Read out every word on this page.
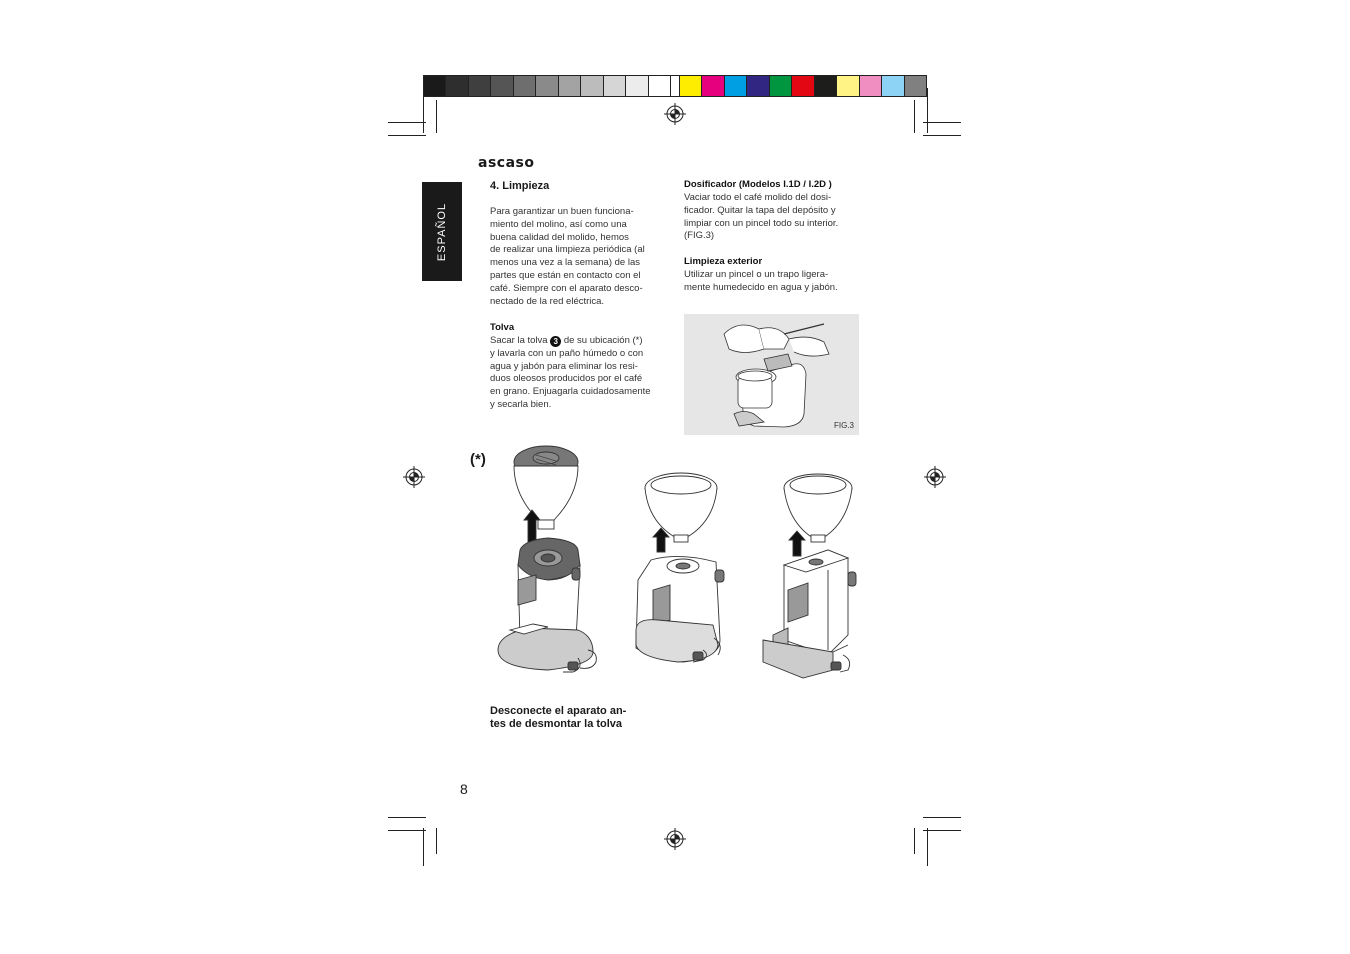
ascaso
ESPAÑOL
4. Limpieza
Para garantizar un buen funciona-
miento del molino, así como una
buena calidad del molido, hemos
de realizar una limpieza periódica (al
menos una vez a la semana) de las
partes que están en contacto con el
café. Siempre con el aparato desco-
nectado de la red eléctrica.
Tolva
Sacar la tolva 3 de su ubicación (*)
y lavarla con un paño húmedo o con
agua y jabón para eliminar los resi-
duos oleosos producidos por el café
en grano. Enjuagarla cuidadosamente
y secarla bien.
Dosificador (Modelos I.1D / I.2D )
Vaciar todo el café molido del dosi-
ficador. Quitar la tapa del depósito y
limpiar con un pincel todo su interior.
(FIG.3)
Limpieza exterior
Utilizar un pincel o un trapo ligera-
mente humedecido en agua y jabón.
FIG.3
(*)
Desconecte el aparato an-
tes de desmontar la tolva
8
